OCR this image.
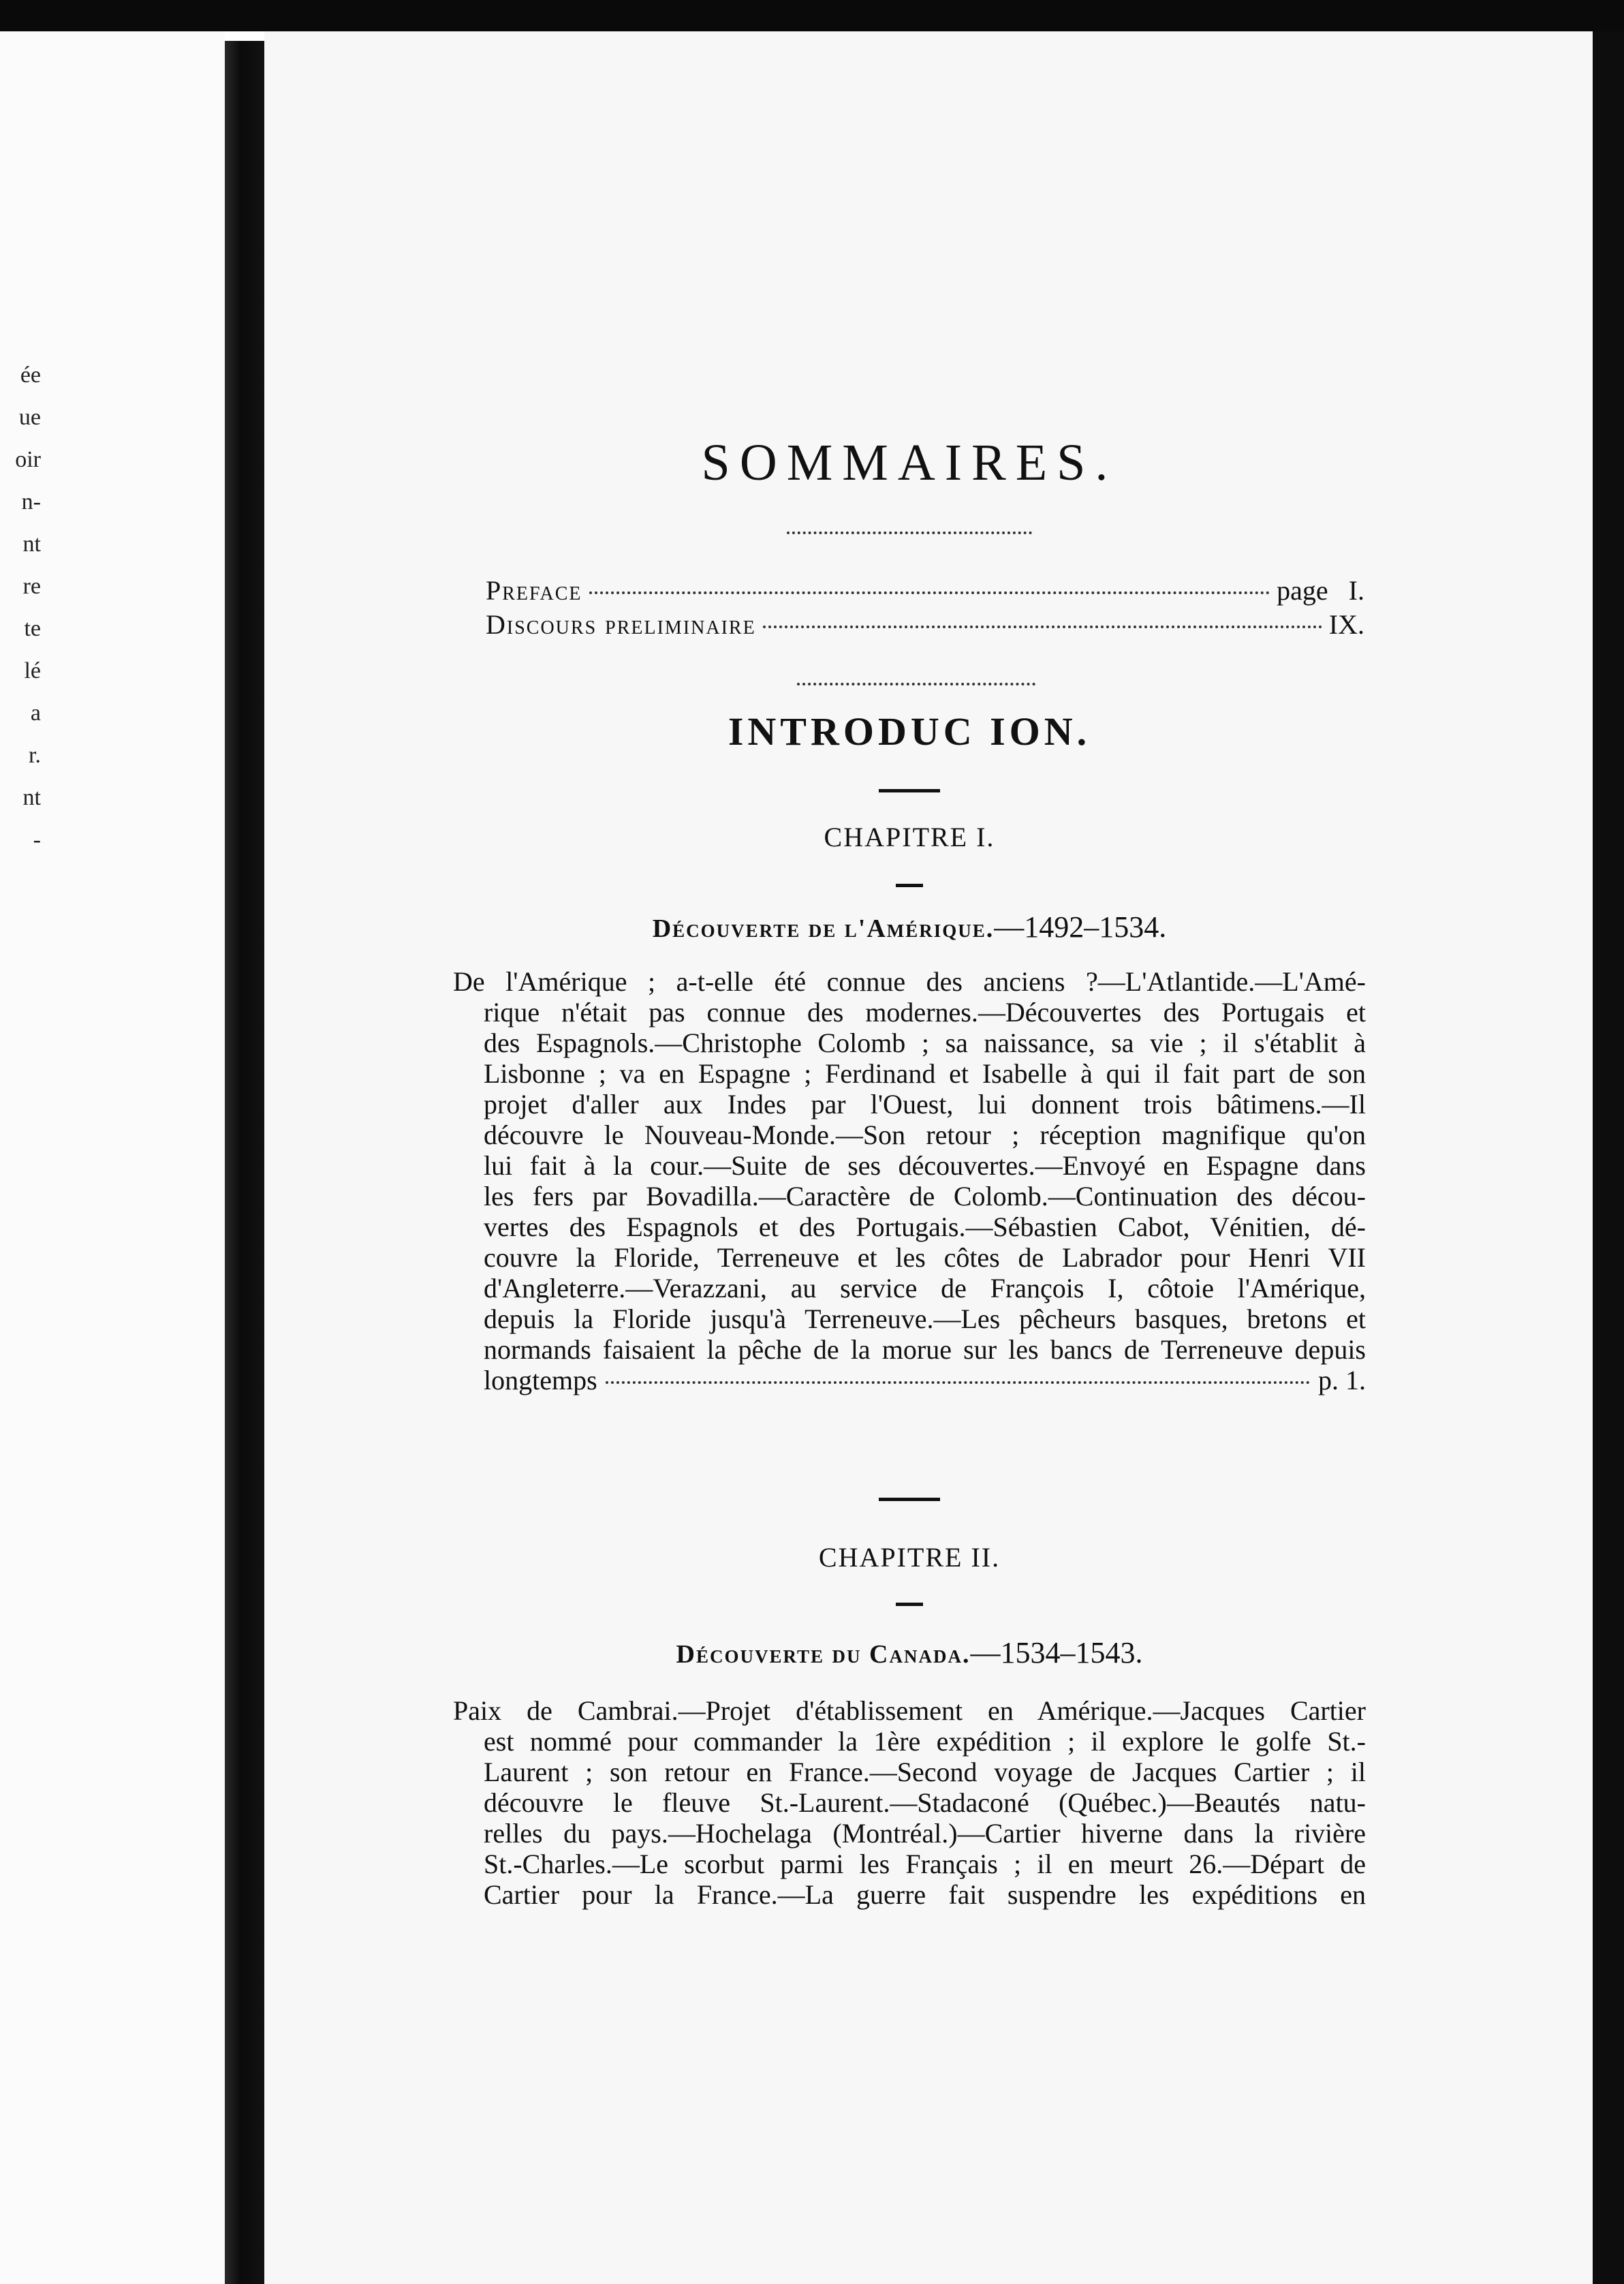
ée
ue
oir
n-
nt
re
te
lé
a
r.
nt
-
SOMMAIRES.
Preface	page I.
Discours preliminaire	IX.
INTRODUC ION.
CHAPITRE I.
Découverte de l'Amérique.—1492–1534.
De l'Amérique ; a-t-elle été connue des anciens ?—L'Atlantide.—L'Amé-
rique n'était pas connue des modernes.—Découvertes des Portugais et
des Espagnols.—Christophe Colomb ; sa naissance, sa vie ; il s'établit à
Lisbonne ; va en Espagne ; Ferdinand et Isabelle à qui il fait part de son
projet d'aller aux Indes par l'Ouest, lui donnent trois bâtimens.—Il
découvre le Nouveau-Monde.—Son retour ; réception magnifique qu'on
lui fait à la cour.—Suite de ses découvertes.—Envoyé en Espagne dans
les fers par Bovadilla.—Caractère de Colomb.—Continuation des décou-
vertes des Espagnols et des Portugais.—Sébastien Cabot, Vénitien, dé-
couvre la Floride, Terreneuve et les côtes de Labrador pour Henri VII
d'Angleterre.—Verazzani, au service de François I, côtoie l'Amérique,
depuis la Floride jusqu'à Terreneuve.—Les pêcheurs basques, bretons et
normands faisaient la pêche de la morue sur les bancs de Terreneuve depuis
longtemps	p. 1.
CHAPITRE II.
Découverte du Canada.—1534–1543.
Paix de Cambrai.—Projet d'établissement en Amérique.—Jacques Cartier
est nommé pour commander la 1ère expédition ; il explore le golfe St.-
Laurent ; son retour en France.—Second voyage de Jacques Cartier ; il
découvre le fleuve St.-Laurent.—Stadaconé (Québec.)—Beautés natu-
relles du pays.—Hochelaga (Montréal.)—Cartier hiverne dans la rivière
St.-Charles.—Le scorbut parmi les Français ; il en meurt 26.—Départ de
Cartier pour la France.—La guerre fait suspendre les expéditions en
